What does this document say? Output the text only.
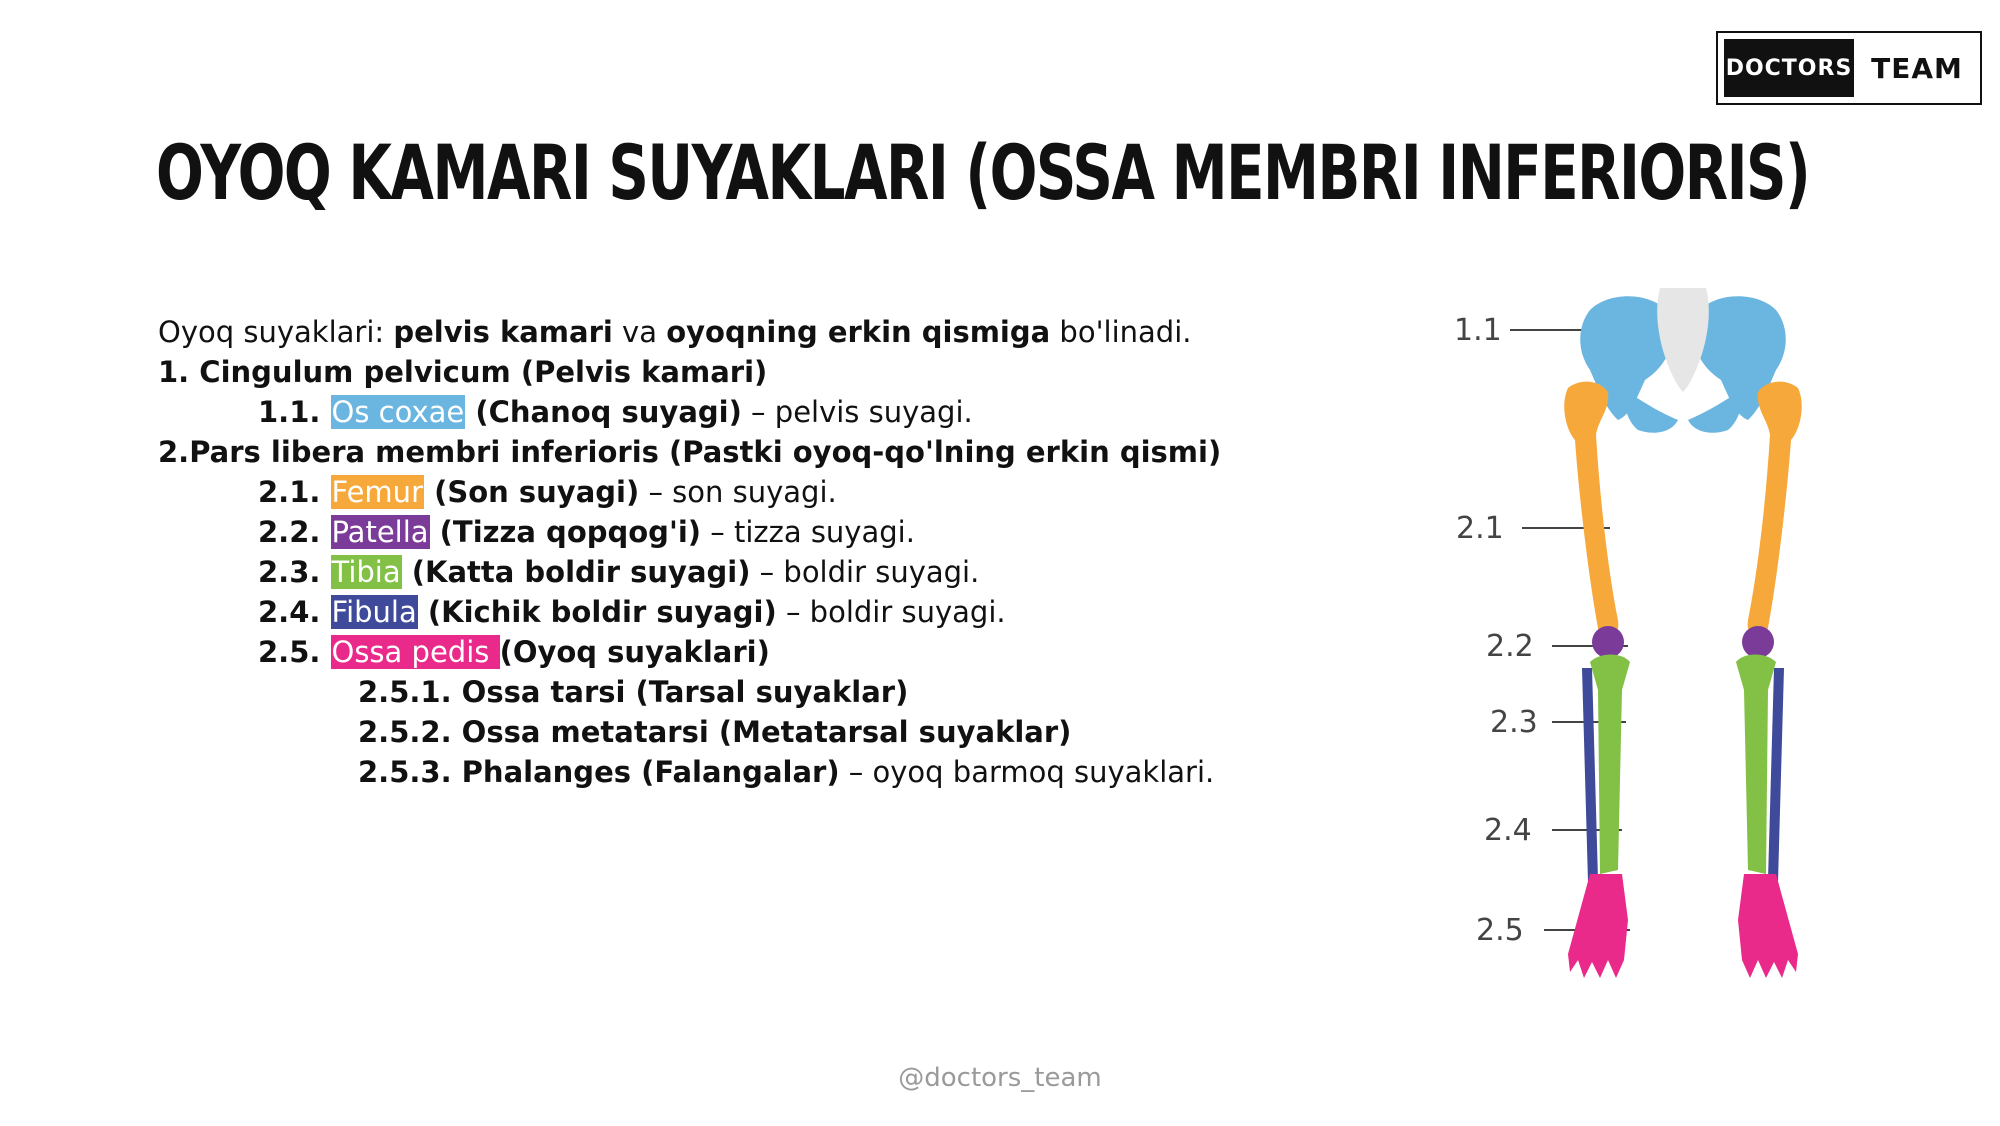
DOCTORS TEAM
OYOQ KAMARI SUYAKLARI (OSSA MEMBRI INFERIORIS)
Oyoq suyaklari: pelvis kamari va oyoqning erkin qismiga bo'linadi.
1. Cingulum pelvicum (Pelvis kamari)
1.1. Os coxae (Chanoq suyagi) – pelvis suyagi.
2.Pars libera membri inferioris (Pastki oyoq-qo'lning erkin qismi)
2.1. Femur (Son suyagi) – son suyagi.
2.2. Patella (Tizza qopqog'i) – tizza suyagi.
2.3. Tibia (Katta boldir suyagi) – boldir suyagi.
2.4. Fibula (Kichik boldir suyagi) – boldir suyagi.
2.5. Ossa pedis (Oyoq suyaklari)
2.5.1. Ossa tarsi (Tarsal suyaklar)
2.5.2. Ossa metatarsi (Metatarsal suyaklar)
2.5.3. Phalanges (Falangalar) – oyoq barmoq suyaklari.
1.1
2.1
2.2
2.3
2.4
2.5
@doctors_team
